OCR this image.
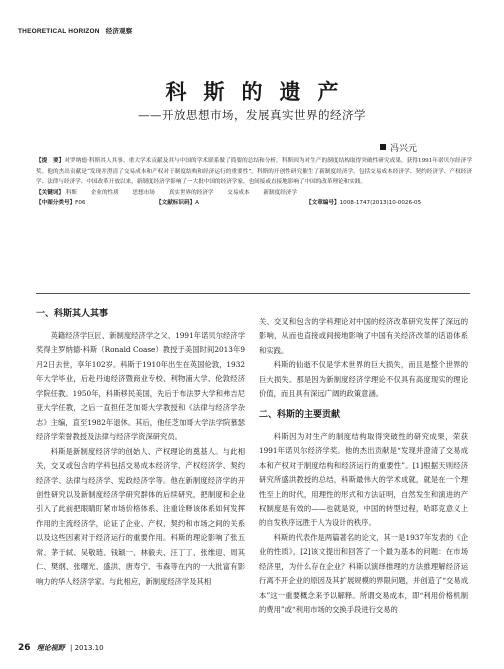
THEORETICAL HORIZON 经济观察
科斯的遗产
——开放思想市场，发展真实世界的经济学
冯兴元

【提　要】对罗纳德·科斯其人其事、重大学术贡献及其与中国的学术联系做了简要的总结和分析。科斯因为对生产的制度结构取得突破性研究成果，获得1991年诺贝尔经济学奖。他的杰出贡献是“发现并澄清了交易成本和产权对于制度结构和经济运行的重要性”。科斯的开创性研究催生了新制度经济学，包括交易成本经济学、契约经济学、产权经济学、法律与经济学、中国改革开放以来，新制度经济学影响了一大批中国的经济学家，也间接或直接地影响了中国的改革理论和实践。

【关键词】 科斯 企业的性质 思想市场 真实世界的经济学 交易成本 新制度经济学

【中图分类号】F06	【文献标识码】A	【文章编号】1008-1747(2013)10-0026-05

一、科斯其人其事

英籍经济学巨匠、新制度经济学之父、1991年诺贝尔经济学奖得主罗纳德·科斯（Ronald Coase）教授于美国时间2013年9月2日去世，享年102岁。科斯于1910年出生在英国伦敦，1932年大学毕业，后赴丹迪经济暨商业专校、利物浦大学、伦敦经济学院任教。1950年，科斯移民美国，先后于布法罗大学和弗吉尼亚大学任教，之后一直担任芝加哥大学教授和《法律与经济学杂志》主编，直至1982年退休。其后，他任芝加哥大学法学院慕瑟经济学荣誉教授及法律与经济学资深研究员。

科斯是新制度经济学的创始人、产权理论的奠基人。与此相关，交叉或包含的学科包括交易成本经济学、产权经济学、契约经济学、法律与经济学、宪政经济学等。他在新制度经济学的开创性研究以及新制度经济学研究群体的后续研究，把制度和企业引入了此前把眼睛盯紧市场价格体系、注重诠释该体系如何发挥作用的主流经济学，论证了企业、产权、契约和市场之间的关系以及这些因素对于经济运行的重要作用。科斯的理论影响了张五常、茅于轼、吴敬琏、钱颖一、林毅夫、汪丁丁、张维迎、周其仁、樊纲、张曙光、盛洪、唐寿宁、韦森等在内的一大批富有影响力的华人经济学家。与此相应，新制度经济学及其相

关、交叉和包含的学科理论对中国的经济改革研究发挥了深远的影响，从而也直接或间接地影响了中国有关经济改革的话语体系和实践。

科斯的仙逝不仅是学术世界的巨大损失，而且是整个世界的巨大损失。那是因为新制度经济学理论不仅具有高度现实的理论价值，而且具有深远广阔的政策意涵。

二、科斯的主要贡献

科斯因为对生产的制度结构取得突破性的研究成果，荣获1991年诺贝尔经济学奖。他的杰出贡献是“发现并澄清了交易成本和产权对于制度结构和经济运行的重要性”。[1]根据天则经济研究所盛洪教授的总结，科斯最伟大的学术成就，就是在一个理性至上的时代，用理性的形式和方法证明，自然发生和演进的产权制度是有效的——也就是说，中国的转型过程，哈耶克意义上的自发秩序远胜于人为设计的秩序。

科斯的代表作是两篇著名的论文，其一是1937年发表的《企业的性质》，[2]该文提出和回答了一个最为基本的问题：在市场经济里，为什么存在企业？科斯以演绎推理的方法推理解经济运行离不开企业的原因及其扩展规模的界限问题，并创造了“交易成本”这一重要概念来予以解释。所谓交易成本，即“利用价格机制的费用”或“利用市场的交换手段进行交易的

26 理论视野 | 2013.10
